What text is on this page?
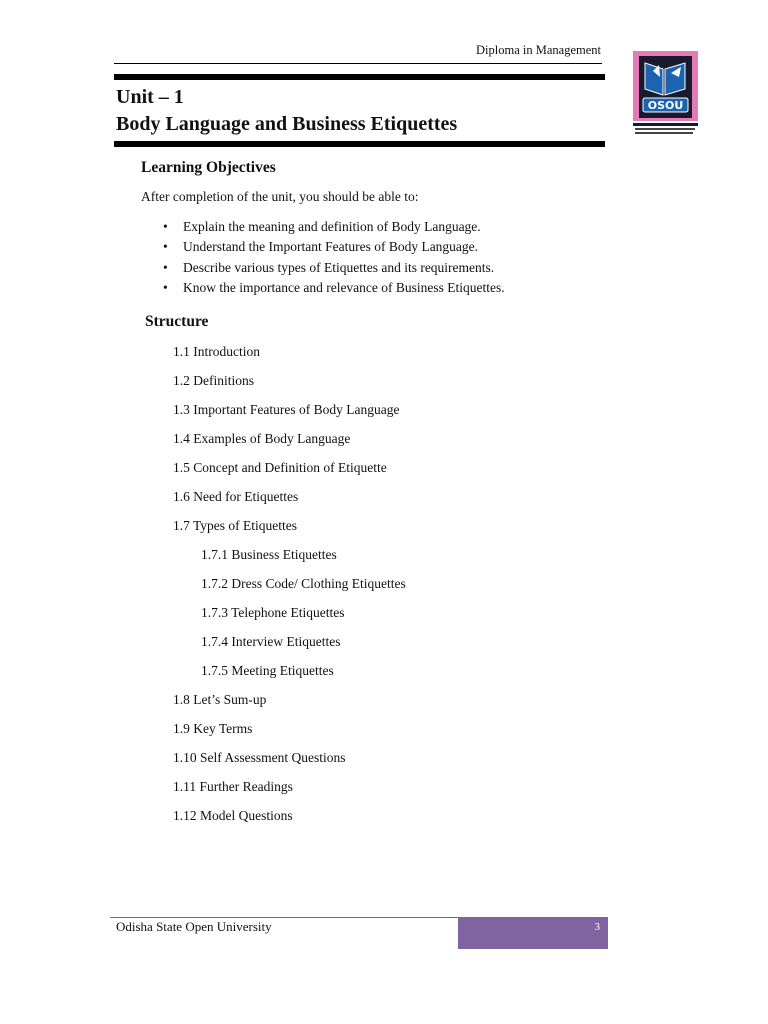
Diploma in Management
OSOU
Unit – 1
Body Language and Business Etiquettes
Learning Objectives
After completion of the unit, you should be able to:
• Explain the meaning and definition of Body Language.
• Understand the Important Features of Body Language.
• Describe various types of Etiquettes and its requirements.
• Know the importance and relevance of Business Etiquettes.
Structure
1.1 Introduction
1.2 Definitions
1.3 Important Features of Body Language
1.4 Examples of Body Language
1.5 Concept and Definition of Etiquette
1.6 Need for Etiquettes
1.7 Types of Etiquettes
1.7.1 Business Etiquettes
1.7.2 Dress Code/ Clothing Etiquettes
1.7.3 Telephone Etiquettes
1.7.4 Interview Etiquettes
1.7.5 Meeting Etiquettes
1.8 Let’s Sum-up
1.9 Key Terms
1.10 Self Assessment Questions
1.11 Further Readings
1.12 Model Questions
Odisha State Open University	3
